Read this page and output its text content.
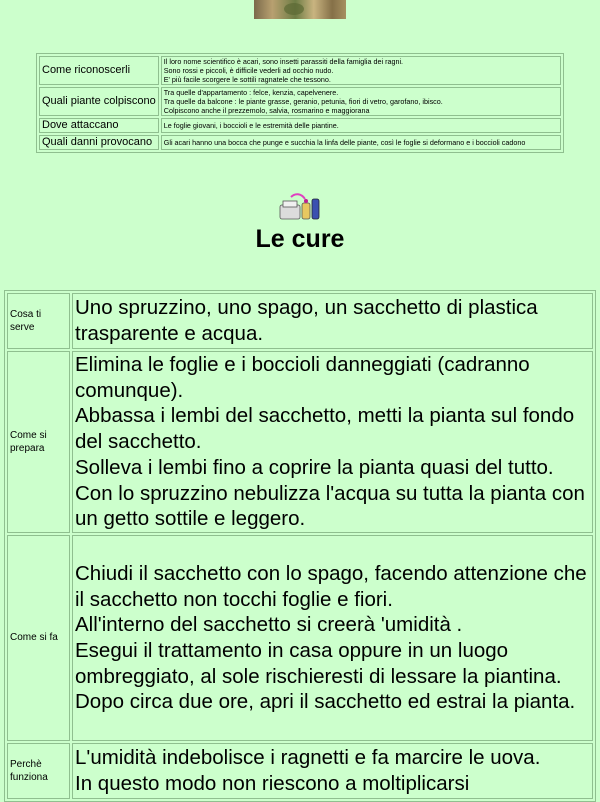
Come riconoscerli	Il loro nome scientifico è acari, sono insetti parassiti della famiglia dei ragni.
Sono rossi e piccoli, è difficile vederli ad occhio nudo.
E' più facile scorgere le sottili ragnatele che tessono.

Quali piante colpiscono	Tra quelle d'appartamento : felce, kenzia, capelvenere.
Tra quelle da balcone : le piante grasse, geranio, petunia, fiori di vetro, garofano, ibisco.
Colpiscono anche il prezzemolo, salvia, rosmarino e maggiorana

Dove attaccano	Le foglie giovani, i boccioli e le estremità delle piantine.

Quali danni provocano	Gli acari hanno una bocca che punge e succhia la linfa delle piante, così le foglie si deformano e i boccioli cadono
Le cure
Cosa ti serve	Uno spruzzino, uno spago, un sacchetto di plastica trasparente e acqua.

Come si prepara	Elimina le foglie e i boccioli danneggiati (cadranno comunque).
Abbassa i lembi del sacchetto, metti la pianta sul fondo del sacchetto.
Solleva i lembi fino a coprire la pianta quasi del tutto.
Con lo spruzzino nebulizza l'acqua su tutta la pianta con un getto sottile e leggero.

Come si fa	Chiudi il sacchetto con lo spago, facendo attenzione che il sacchetto non tocchi foglie e fiori.
All'interno del sacchetto si creerà 'umidità .
Esegui il trattamento in casa oppure in un luogo ombreggiato, al sole rischieresti di lessare la piantina.
Dopo circa due ore, apri il sacchetto ed estrai la pianta.

Perchè funziona	L'umidità indebolisce i ragnetti e fa marcire le uova.
In questo modo non riescono a moltiplicarsi
